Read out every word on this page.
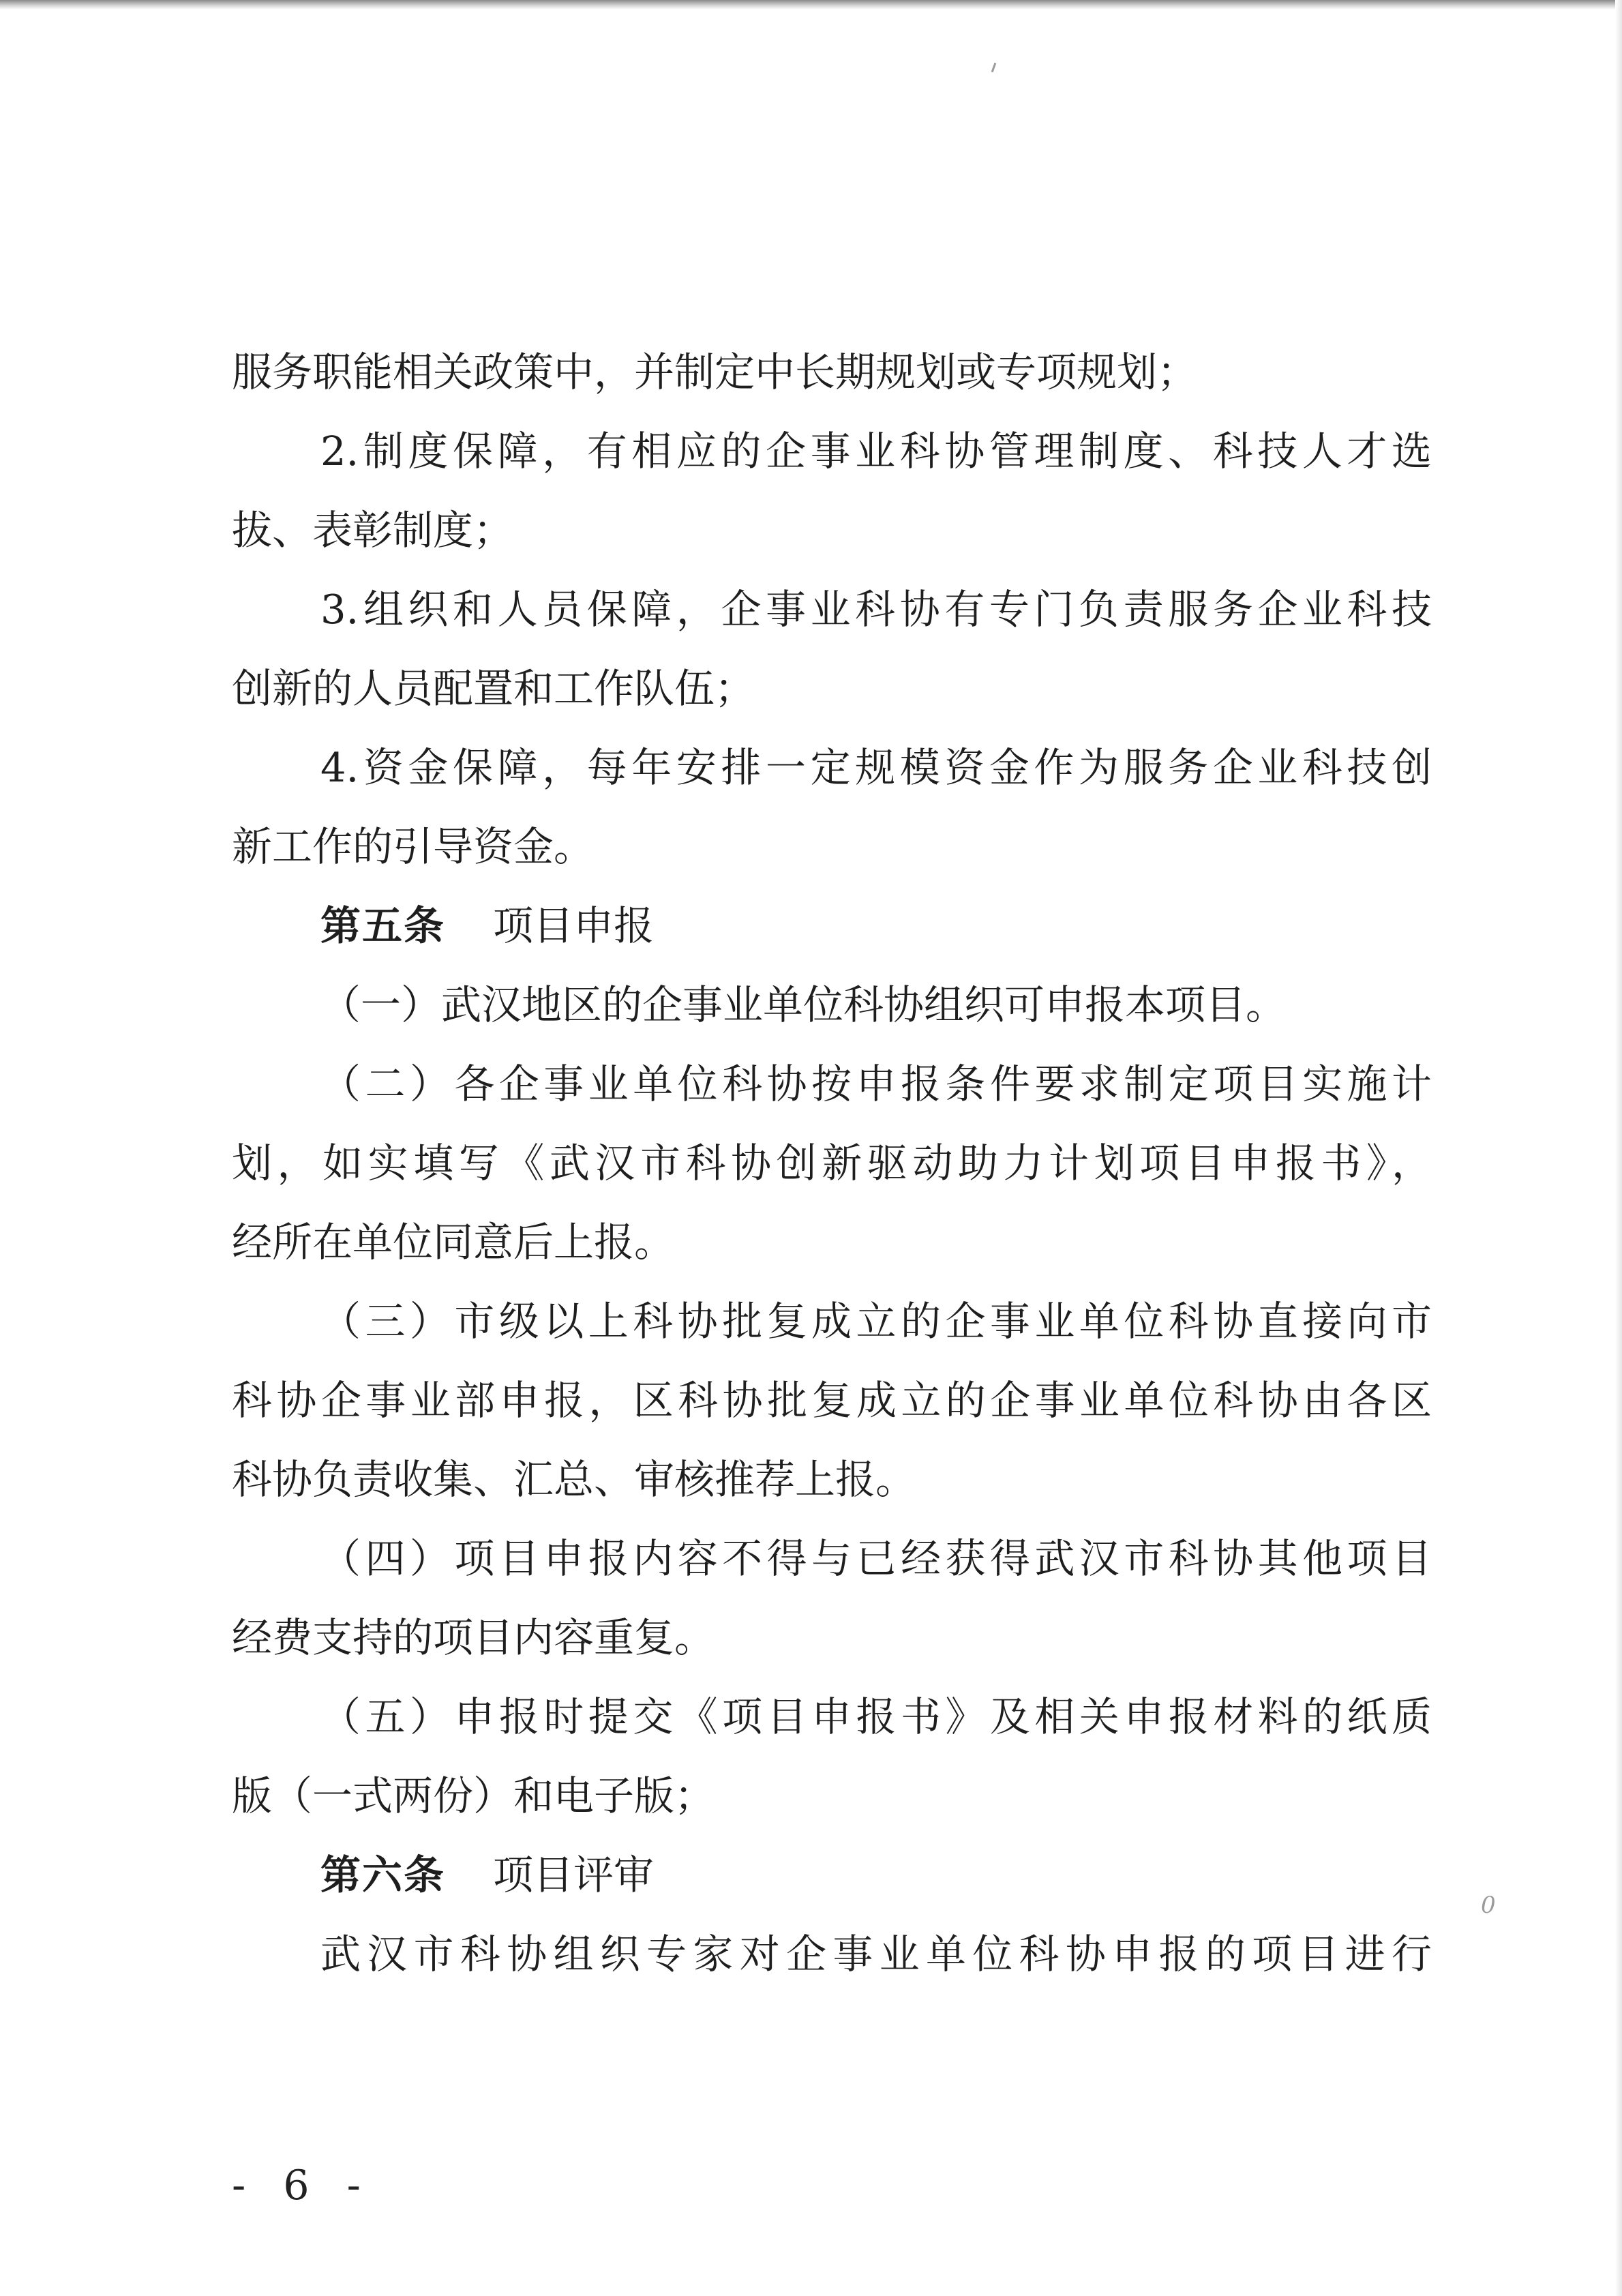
服务职能相关政策中，并制定中长期规划或专项规划；
2.制度保障，有相应的企事业科协管理制度、科技人才选
拔、表彰制度；
3.组织和人员保障，企事业科协有专门负责服务企业科技
创新的人员配置和工作队伍；
4.资金保障，每年安排一定规模资金作为服务企业科技创
新工作的引导资金。
第五条 项目申报
（一）武汉地区的企事业单位科协组织可申报本项目。
（二）各企事业单位科协按申报条件要求制定项目实施计
划，如实填写《武汉市科协创新驱动助力计划项目申报书》，
经所在单位同意后上报。
（三）市级以上科协批复成立的企事业单位科协直接向市
科协企事业部申报，区科协批复成立的企事业单位科协由各区
科协负责收集、汇总、审核推荐上报。
（四）项目申报内容不得与已经获得武汉市科协其他项目
经费支持的项目内容重复。
（五）申报时提交《项目申报书》及相关申报材料的纸质
版（一式两份）和电子版；
第六条 项目评审
武汉市科协组织专家对企事业单位科协申报的项目进行
0
- 6 -
